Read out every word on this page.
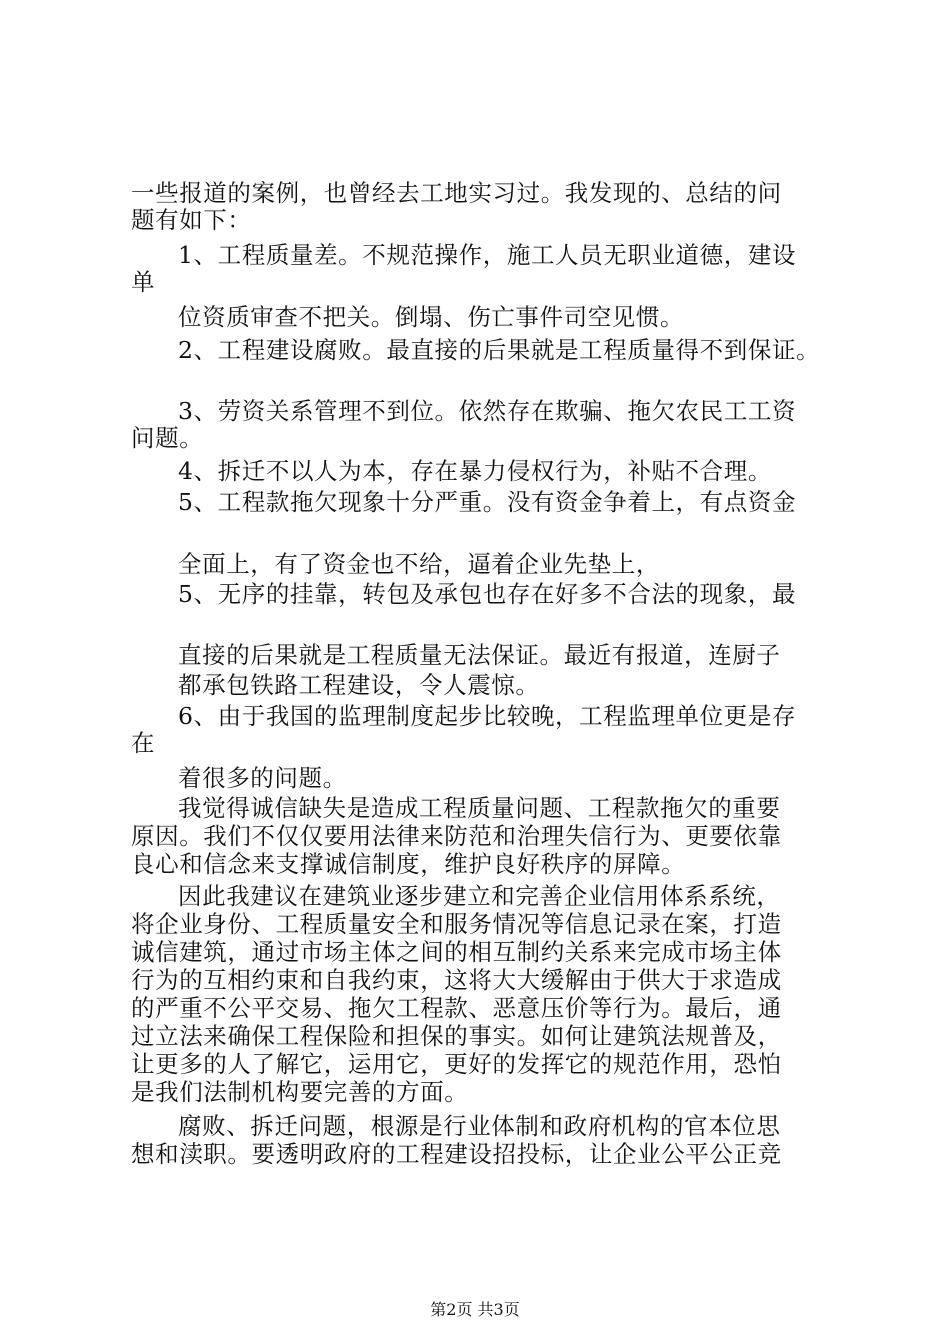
一些报道的案例，也曾经去工地实习过。我发现的、总结的问
题有如下：
1、工程质量差。不规范操作，施工人员无职业道德，建设
单
位资质审查不把关。倒塌、伤亡事件司空见惯。
2、工程建设腐败。最直接的后果就是工程质量得不到保证。
3、劳资关系管理不到位。依然存在欺骗、拖欠农民工工资
问题。
4、拆迁不以人为本，存在暴力侵权行为，补贴不合理。
5、工程款拖欠现象十分严重。没有资金争着上，有点资金
全面上，有了资金也不给，逼着企业先垫上，
5、无序的挂靠，转包及承包也存在好多不合法的现象，最
直接的后果就是工程质量无法保证。最近有报道，连厨子
都承包铁路工程建设，令人震惊。
6、由于我国的监理制度起步比较晚，工程监理单位更是存
在
着很多的问题。
我觉得诚信缺失是造成工程质量问题、工程款拖欠的重要
原因。我们不仅仅要用法律来防范和治理失信行为、更要依靠
良心和信念来支撑诚信制度，维护良好秩序的屏障。
因此我建议在建筑业逐步建立和完善企业信用体系系统，
将企业身份、工程质量安全和服务情况等信息记录在案，打造
诚信建筑，通过市场主体之间的相互制约关系来完成市场主体
行为的互相约束和自我约束，这将大大缓解由于供大于求造成
的严重不公平交易、拖欠工程款、恶意压价等行为。最后，通
过立法来确保工程保险和担保的事实。如何让建筑法规普及，
让更多的人了解它，运用它，更好的发挥它的规范作用，恐怕
是我们法制机构要完善的方面。
腐败、拆迁问题，根源是行业体制和政府机构的官本位思
想和渎职。要透明政府的工程建设招投标，让企业公平公正竞
第2页 共3页
